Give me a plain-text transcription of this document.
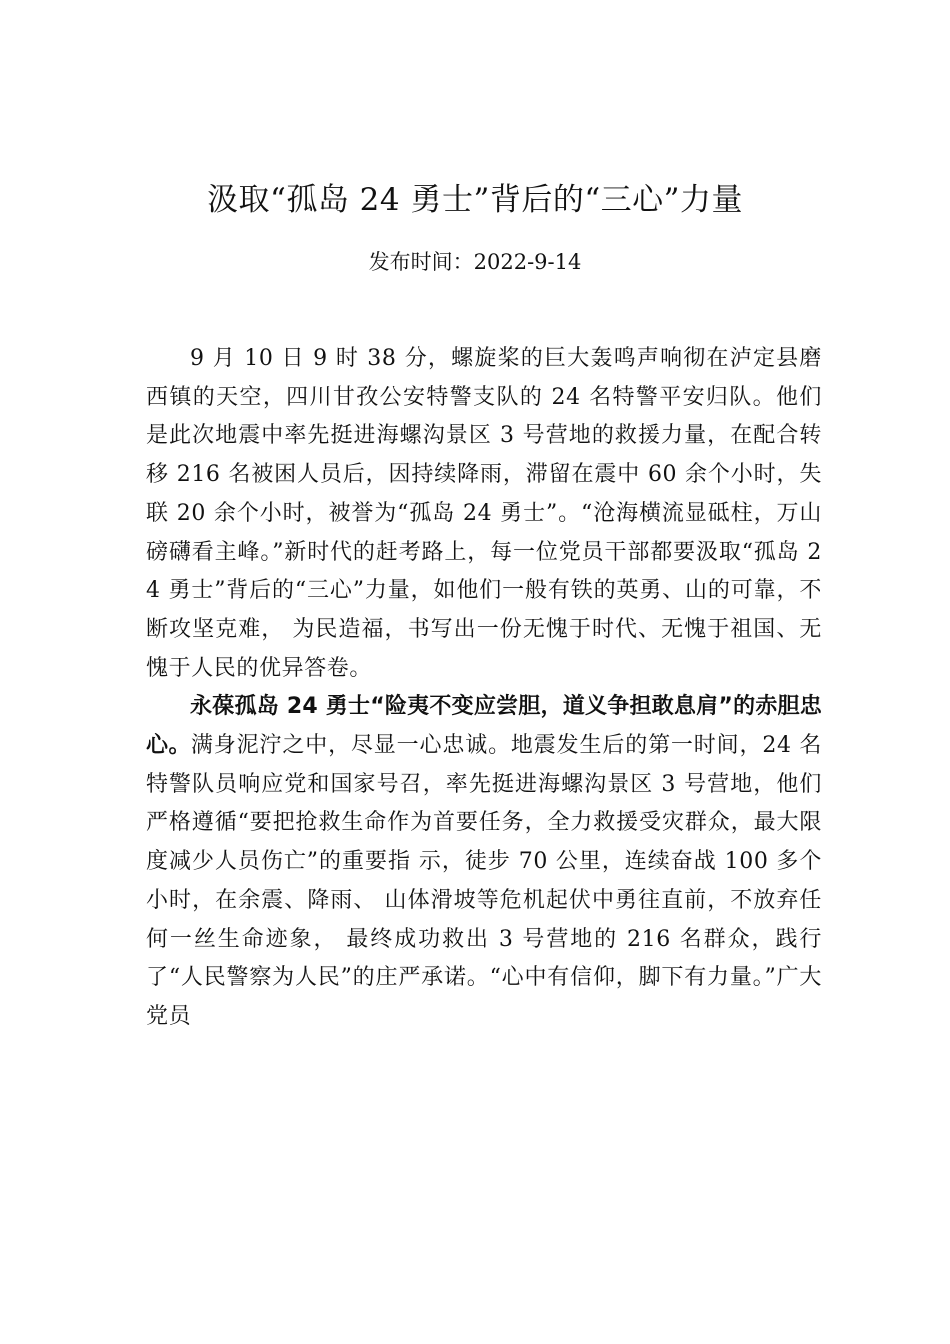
汲取“孤岛 24 勇士”背后的“三心”力量
发布时间：2022-9-14

9 月 10 日 9 时 38 分，螺旋桨的巨大轰鸣声响彻在泸定县磨西镇的天空，四川甘孜公安特警支队的 24 名特警平安归队。他们是此次地震中率先挺进海螺沟景区 3 号营地的救援力量，在配合转移 216 名被困人员后，因持续降雨，滞留在震中 60 余个小时，失联 20 余个小时，被誉为“孤岛 24 勇士”。“沧海横流显砥柱，万山磅礴看主峰。”新时代的赶考路上，每一位党员干部都要汲取“孤岛 24 勇士”背后的“三心”力量，如他们一般有铁的英勇、山的可靠，不断攻坚克难， 为民造福，书写出一份无愧于时代、无愧于祖国、无愧于人民的优异答卷。

永葆孤岛 24 勇士“险夷不变应尝胆，道义争担敢息肩”的赤胆忠心。满身泥泞之中，尽显一心忠诚。地震发生后的第一时间，24 名特警队员响应党和国家号召，率先挺进海螺沟景区 3 号营地，他们严格遵循“要把抢救生命作为首要任务，全力救援受灾群众，最大限度减少人员伤亡”的重要指 示，徒步 70 公里，连续奋战 100 多个小时，在余震、降雨、 山体滑坡等危机起伏中勇往直前，不放弃任何一丝生命迹象， 最终成功救出 3 号营地的 216 名群众，践行了“人民警察为人民”的庄严承诺。“心中有信仰，脚下有力量。”广大党员
